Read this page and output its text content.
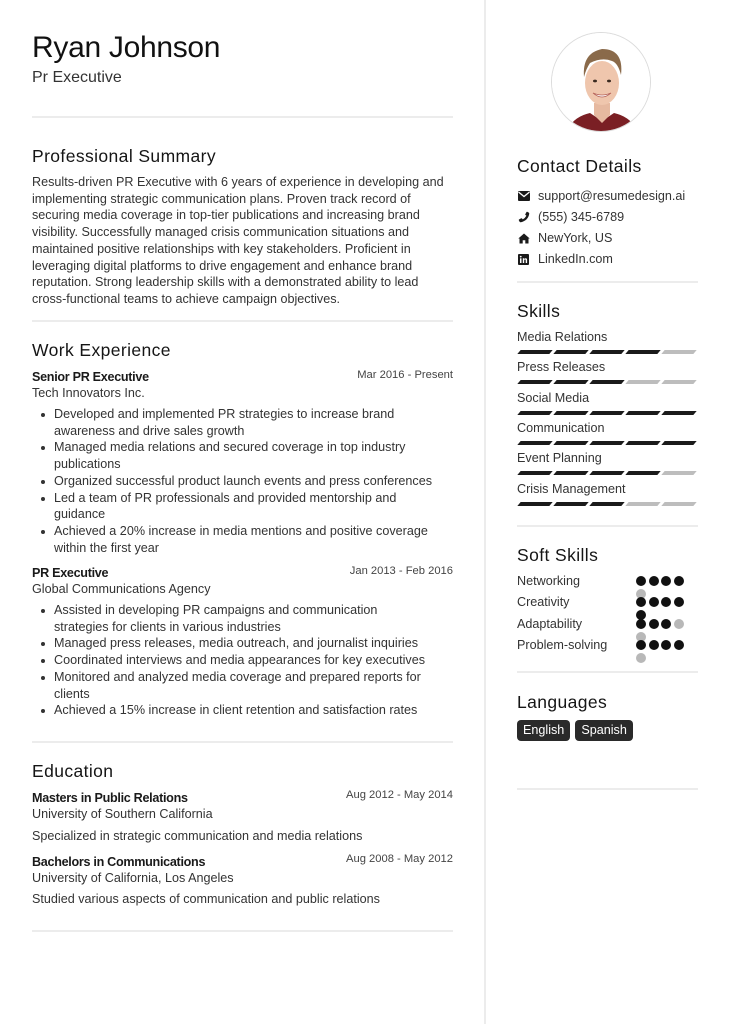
Ryan Johnson
Pr Executive
Professional Summary
Results-driven PR Executive with 6 years of experience in developing and implementing strategic communication plans. Proven track record of securing media coverage in top-tier publications and increasing brand visibility. Successfully managed crisis communication situations and maintained positive relationships with key stakeholders. Proficient in leveraging digital platforms to drive engagement and enhance brand reputation. Strong leadership skills with a demonstrated ability to lead cross-functional teams to achieve campaign objectives.
Work Experience
Senior PR Executive	Mar 2016 - Present
Tech Innovators Inc.
Developed and implemented PR strategies to increase brand awareness and drive sales growth
Managed media relations and secured coverage in top industry publications
Organized successful product launch events and press conferences
Led a team of PR professionals and provided mentorship and guidance
Achieved a 20% increase in media mentions and positive coverage within the first year
PR Executive	Jan 2013 - Feb 2016
Global Communications Agency
Assisted in developing PR campaigns and communication strategies for clients in various industries
Managed press releases, media outreach, and journalist inquiries
Coordinated interviews and media appearances for key executives
Monitored and analyzed media coverage and prepared reports for clients
Achieved a 15% increase in client retention and satisfaction rates
Education
Masters in Public Relations	Aug 2012 - May 2014
University of Southern California
Specialized in strategic communication and media relations
Bachelors in Communications	Aug 2008 - May 2012
University of California, Los Angeles
Studied various aspects of communication and public relations
Contact Details
support@resumedesign.ai
(555) 345-6789
NewYork, US
LinkedIn.com
Skills
Media Relations
Press Releases
Social Media
Communication
Event Planning
Crisis Management
Soft Skills
Networking
Creativity
Adaptability
Problem-solving
Languages
English	Spanish
